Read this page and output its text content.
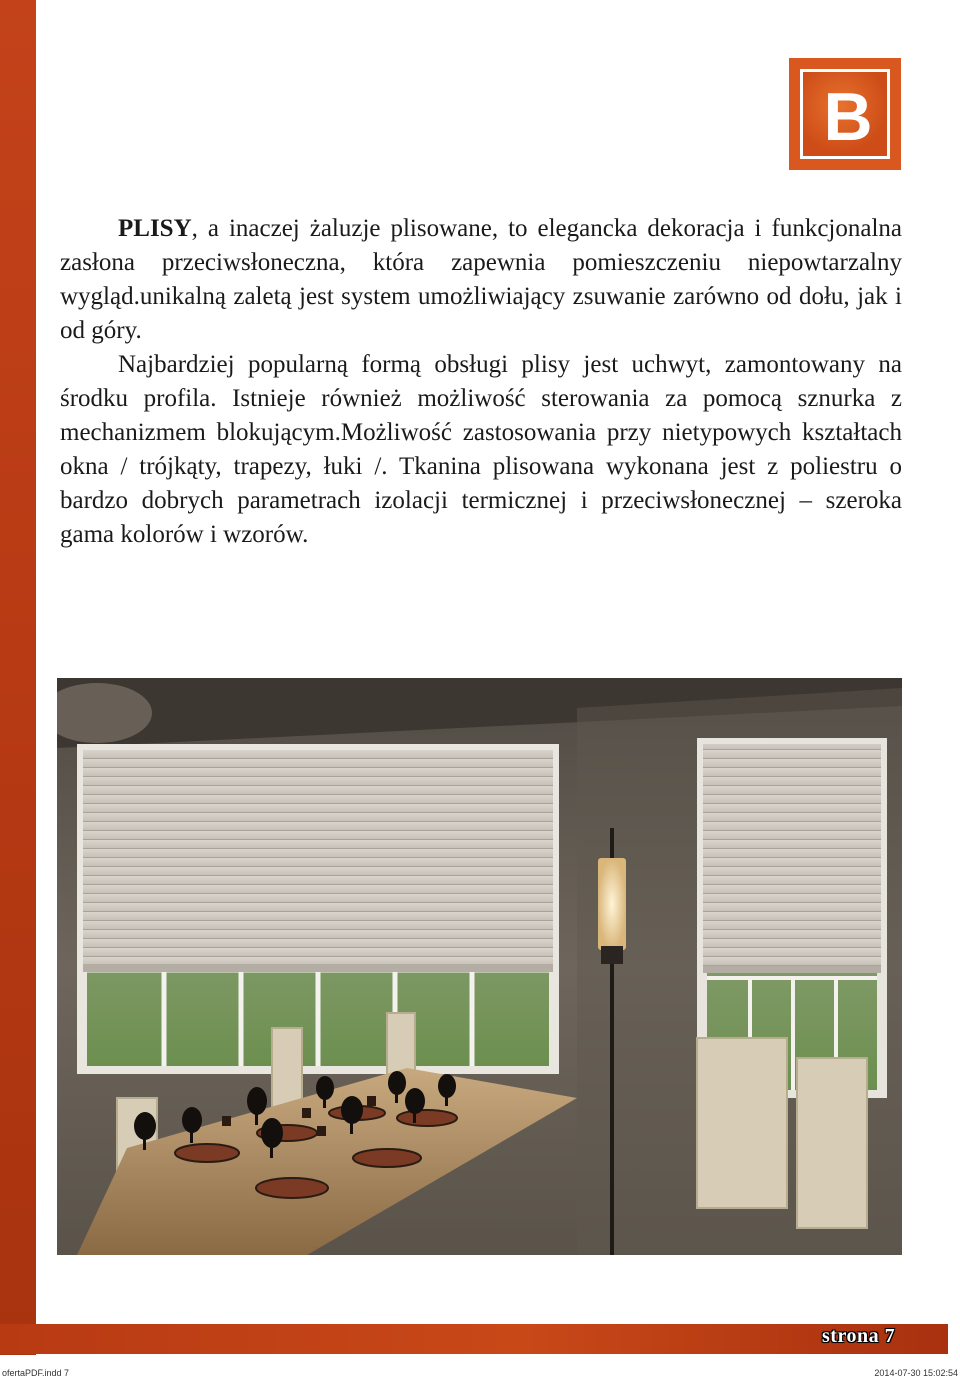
B

PLISY, a inaczej żaluzje plisowane, to elegancka dekoracja i funkcjonalna zasłona przeciwsłoneczna, która zapewnia pomieszczeniu niepowtarzalny wygląd.unikalną zaletą jest system umożliwiający zsuwanie zarówno od dołu, jak i od góry.

Najbardziej popularną formą obsługi plisy jest uchwyt, zamontowany na środku profila. Istnieje również możliwość sterowania za pomocą sznurka z mechanizmem blokującym.Możliwość zastosowania przy nietypowych kształtach okna / trójkąty, trapezy, łuki /. Tkanina plisowana wykonana jest z poliestru o bardzo dobrych parametrach izolacji termicznej i przeciwsłonecznej – szeroka gama kolorów i wzorów.

strona 7
ofertaPDF.indd 7	2014-07-30 15:02:54
